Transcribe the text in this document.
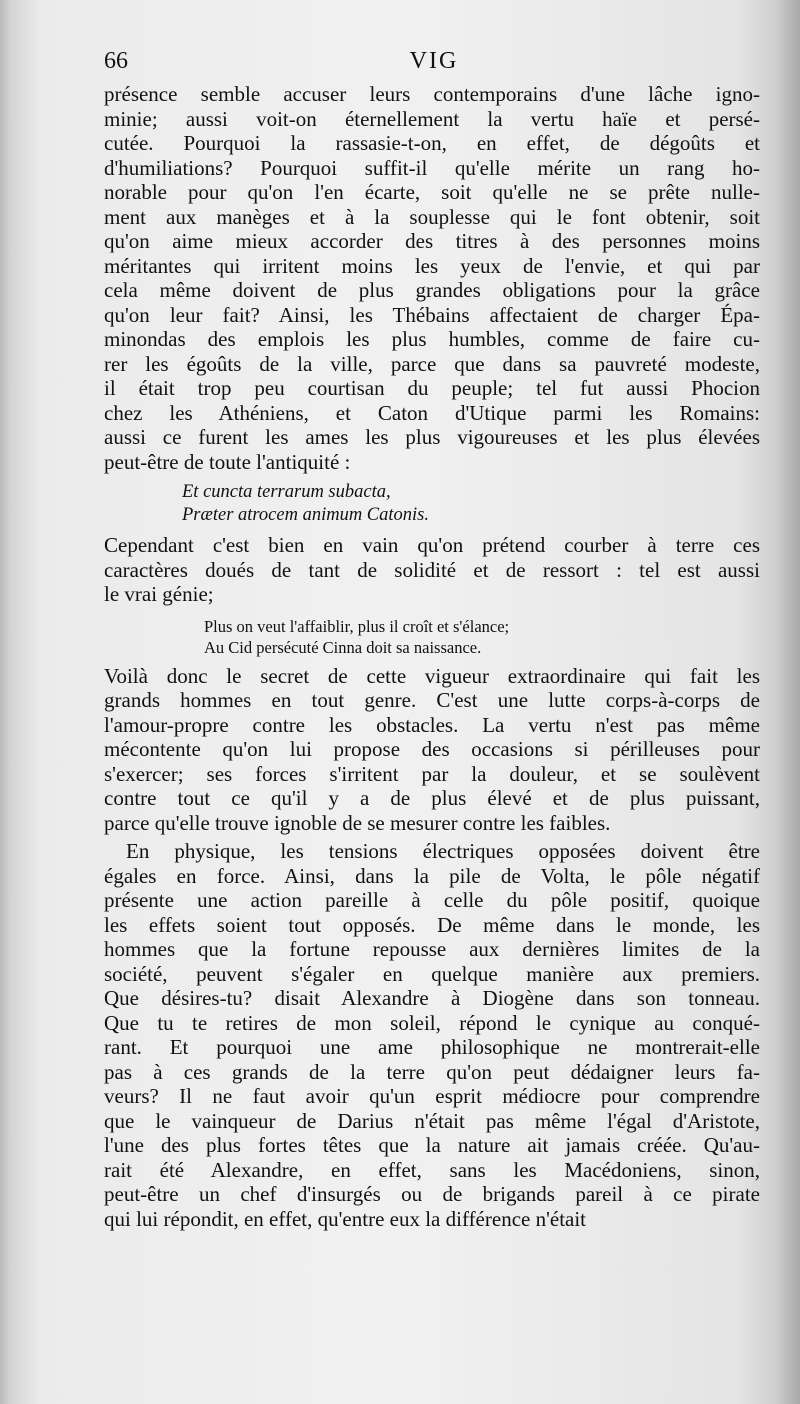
66	VIG
présence semble accuser leurs contemporains d'une lâche igno-
minie; aussi voit-on éternellement la vertu haïe et persé-
cutée. Pourquoi la rassasie-t-on, en effet, de dégoûts et
d'humiliations? Pourquoi suffit-il qu'elle mérite un rang ho-
norable pour qu'on l'en écarte, soit qu'elle ne se prête nulle-
ment aux manèges et à la souplesse qui le font obtenir, soit
qu'on aime mieux accorder des titres à des personnes moins
méritantes qui irritent moins les yeux de l'envie, et qui par
cela même doivent de plus grandes obligations pour la grâce
qu'on leur fait? Ainsi, les Thébains affectaient de charger Épa-
minondas des emplois les plus humbles, comme de faire cu-
rer les égoûts de la ville, parce que dans sa pauvreté modeste,
il était trop peu courtisan du peuple; tel fut aussi Phocion
chez les Athéniens, et Caton d'Utique parmi les Romains:
aussi ce furent les ames les plus vigoureuses et les plus élevées
peut-être de toute l'antiquité :
Et cuncta terrarum subacta,
Præter atrocem animum Catonis.
Cependant c'est bien en vain qu'on prétend courber à terre ces
caractères doués de tant de solidité et de ressort : tel est aussi
le vrai génie;
Plus on veut l'affaiblir, plus il croît et s'élance;
Au Cid persécuté Cinna doit sa naissance.
Voilà donc le secret de cette vigueur extraordinaire qui fait les
grands hommes en tout genre. C'est une lutte corps-à-corps de
l'amour-propre contre les obstacles. La vertu n'est pas même
mécontente qu'on lui propose des occasions si périlleuses pour
s'exercer; ses forces s'irritent par la douleur, et se soulèvent
contre tout ce qu'il y a de plus élevé et de plus puissant,
parce qu'elle trouve ignoble de se mesurer contre les faibles.
En physique, les tensions électriques opposées doivent être
égales en force. Ainsi, dans la pile de Volta, le pôle négatif
présente une action pareille à celle du pôle positif, quoique
les effets soient tout opposés. De même dans le monde, les
hommes que la fortune repousse aux dernières limites de la
société, peuvent s'égaler en quelque manière aux premiers.
Que désires-tu? disait Alexandre à Diogène dans son tonneau.
Que tu te retires de mon soleil, répond le cynique au conqué-
rant. Et pourquoi une ame philosophique ne montrerait-elle
pas à ces grands de la terre qu'on peut dédaigner leurs fa-
veurs? Il ne faut avoir qu'un esprit médiocre pour comprendre
que le vainqueur de Darius n'était pas même l'égal d'Aristote,
l'une des plus fortes têtes que la nature ait jamais créée. Qu'au-
rait été Alexandre, en effet, sans les Macédoniens, sinon,
peut-être un chef d'insurgés ou de brigands pareil à ce pirate
qui lui répondit, en effet, qu'entre eux la différence n'était
